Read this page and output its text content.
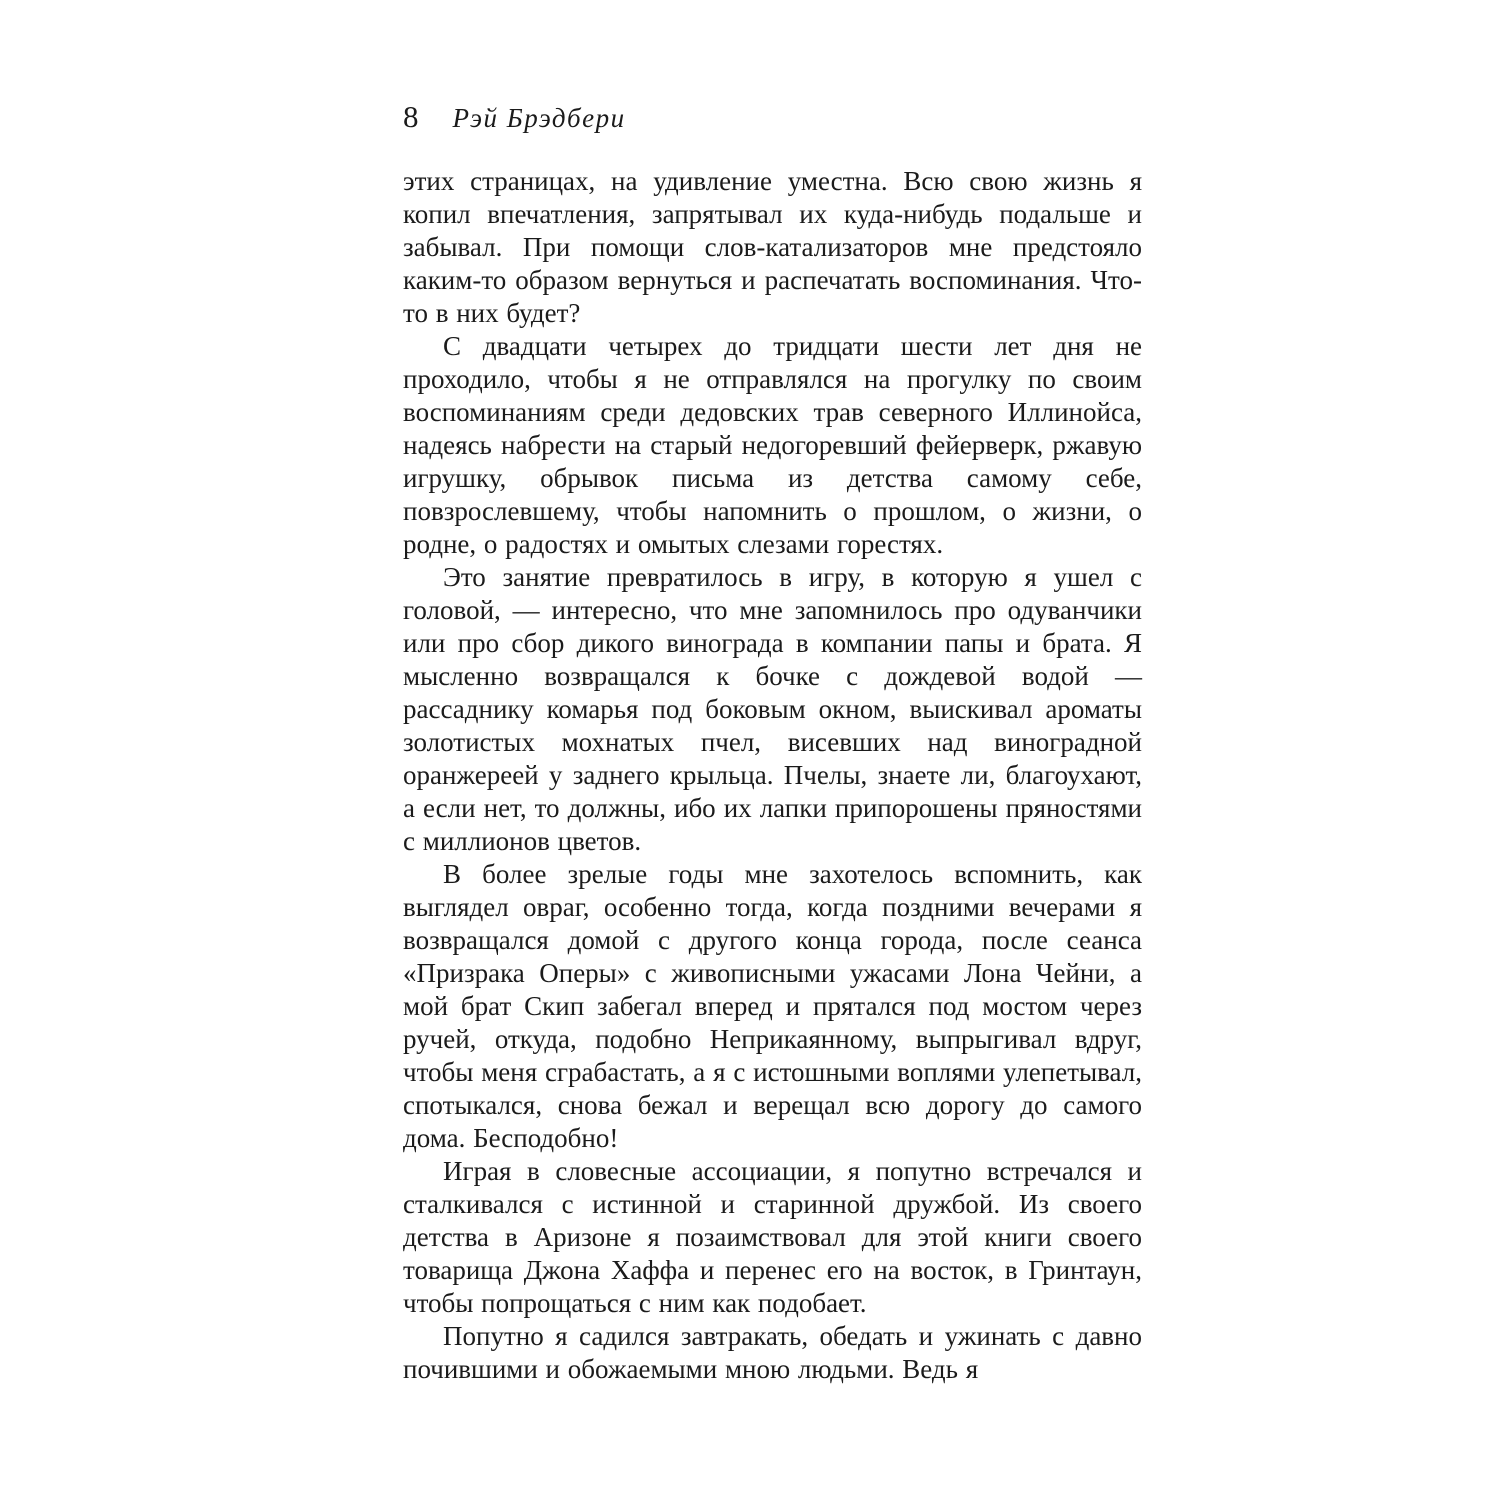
8 Рэй Брэдбери

этих страницах, на удивление уместна. Всю свою жизнь я копил впечатления, запрятывал их куда-нибудь подальше и забывал. При помощи слов-катализаторов мне предстояло каким-то образом вернуться и распечатать воспоминания. Что-то в них будет?

С двадцати четырех до тридцати шести лет дня не проходило, чтобы я не отправлялся на прогулку по своим воспоминаниям среди дедовских трав северного Иллинойса, надеясь набрести на старый недогоревший фейерверк, ржавую игрушку, обрывок письма из детства самому себе, повзрослевшему, чтобы напомнить о прошлом, о жизни, о родне, о радостях и омытых слезами горестях.

Это занятие превратилось в игру, в которую я ушел с головой, — интересно, что мне запомнилось про одуванчики или про сбор дикого винограда в компании папы и брата. Я мысленно возвращался к бочке с дождевой водой — рассаднику комарья под боковым окном, выискивал ароматы золотистых мохнатых пчел, висевших над виноградной оранжереей у заднего крыльца. Пчелы, знаете ли, благоухают, а если нет, то должны, ибо их лапки припорошены пряностями с миллионов цветов.

В более зрелые годы мне захотелось вспомнить, как выглядел овраг, особенно тогда, когда поздними вечерами я возвращался домой с другого конца города, после сеанса «Призрака Оперы» с живописными ужасами Лона Чейни, а мой брат Скип забегал вперед и прятался под мостом через ручей, откуда, подобно Неприкаянному, выпрыгивал вдруг, чтобы меня сграбастать, а я с истошными воплями улепетывал, спотыкался, снова бежал и верещал всю дорогу до самого дома. Бесподобно!

Играя в словесные ассоциации, я попутно встречался и сталкивался с истинной и старинной дружбой. Из своего детства в Аризоне я позаимствовал для этой книги своего товарища Джона Хаффа и перенес его на восток, в Гринтаун, чтобы попрощаться с ним как подобает.

Попутно я садился завтракать, обедать и ужинать с давно почившими и обожаемыми мною людьми. Ведь я
